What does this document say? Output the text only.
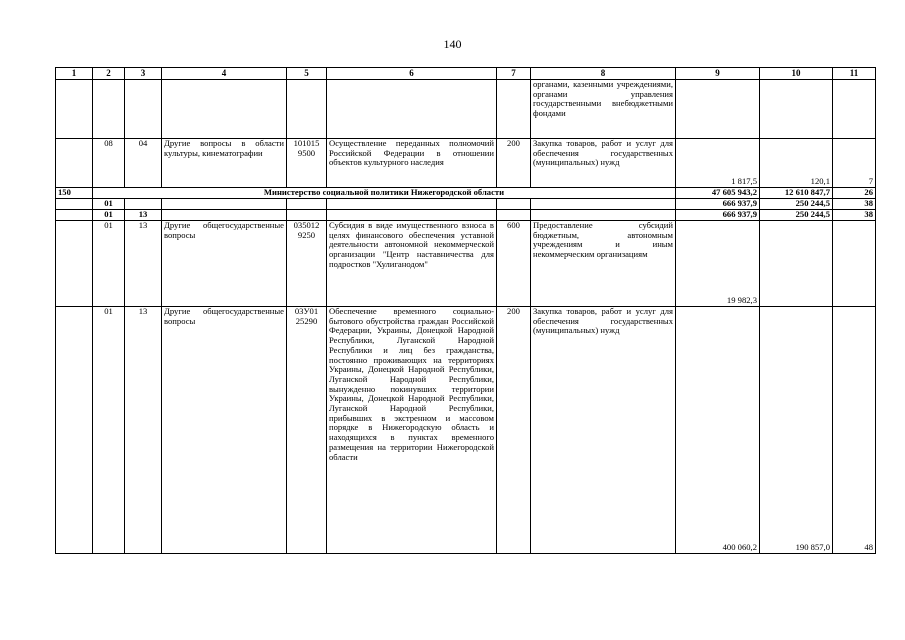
140
1	2	3	4	5	6	7	8	9	10	11
							органами, казенными учреждениями, органами управления государственными внебюджетными фондами			
	08	04	Другие вопросы в области культуры, кинематографии	101015 9500	Осуществление переданных полномочий Российской Федерации в отношении объектов культурного наследия	200	Закупка товаров, работ и услуг для обеспечения государственных (муниципальных) нужд	1 817,5	120,1	7
150	Министерство социальной политики Нижегородской области							47 605 943,2	12 610 847,7	26
	01							666 937,9	250 244,5	38
	01	13						666 937,9	250 244,5	38
	01	13	Другие общегосударственные вопросы	035012 9250	Субсидия в виде имущественного взноса в целях финансового обеспечения уставной деятельности автономной некоммерческой организации "Центр наставничества для подростков "Хулиганодом"	600	Предоставление субсидий бюджетным, автономным учреждениям и иным некоммерческим организациям	19 982,3		
	01	13	Другие общегосударственные вопросы	03У01 25290	Обеспечение временного социально-бытового обустройства граждан Российской Федерации, Украины, Донецкой Народной Республики, Луганской Народной Республики и лиц без гражданства, постоянно проживающих на территориях Украины, Донецкой Народной Республики, Луганской Народной Республики, вынужденно покинувших территории Украины, Донецкой Народной Республики, Луганской Народной Республики, прибывших в экстренном и массовом порядке в Нижегородскую область и находящихся в пунктах временного размещения на территории Нижегородской области	200	Закупка товаров, работ и услуг для обеспечения государственных (муниципальных) нужд	400 060,2	190 857,0	48
